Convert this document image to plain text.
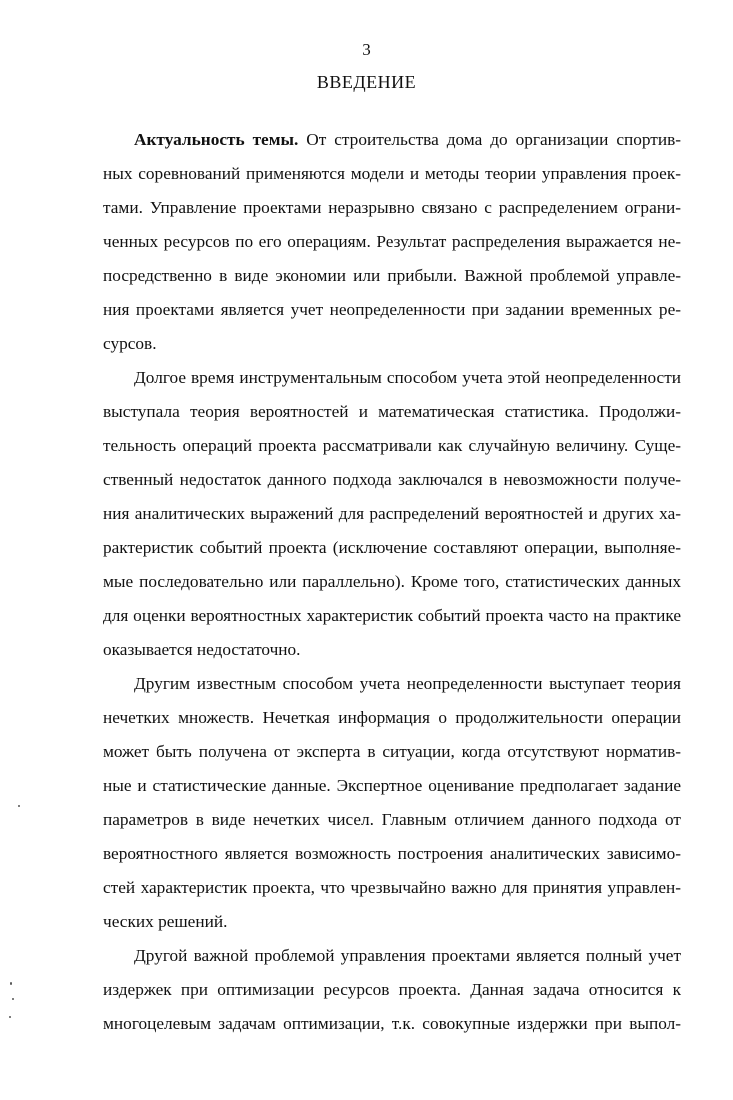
3
ВВЕДЕНИЕ
Актуальность темы. От строительства дома до организации спортив-
ных соревнований применяются модели и методы теории управления проек-
тами. Управление проектами неразрывно связано с распределением ограни-
ченных ресурсов по его операциям. Результат распределения выражается не-
посредственно в виде экономии или прибыли. Важной проблемой управле-
ния проектами является учет неопределенности при задании временных ре-
сурсов.
Долгое время инструментальным способом учета этой неопределенности
выступала теория вероятностей и математическая статистика. Продолжи-
тельность операций проекта рассматривали как случайную величину. Суще-
ственный недостаток данного подхода заключался в невозможности получе-
ния аналитических выражений для распределений вероятностей и других ха-
рактеристик событий проекта (исключение составляют операции, выполняе-
мые последовательно или параллельно). Кроме того, статистических данных
для оценки вероятностных характеристик событий проекта часто на практике
оказывается недостаточно.
Другим известным способом учета неопределенности выступает теория
нечетких множеств. Нечеткая информация о продолжительности операции
может быть получена от эксперта в ситуации, когда отсутствуют норматив-
ные и статистические данные. Экспертное оценивание предполагает задание
параметров в виде нечетких чисел. Главным отличием данного подхода от
вероятностного является возможность построения аналитических зависимо-
стей характеристик проекта, что чрезвычайно важно для принятия управлен-
ческих решений.
Другой важной проблемой управления проектами является полный учет
издержек при оптимизации ресурсов проекта. Данная задача относится к
многоцелевым задачам оптимизации, т.к. совокупные издержки при выпол-
